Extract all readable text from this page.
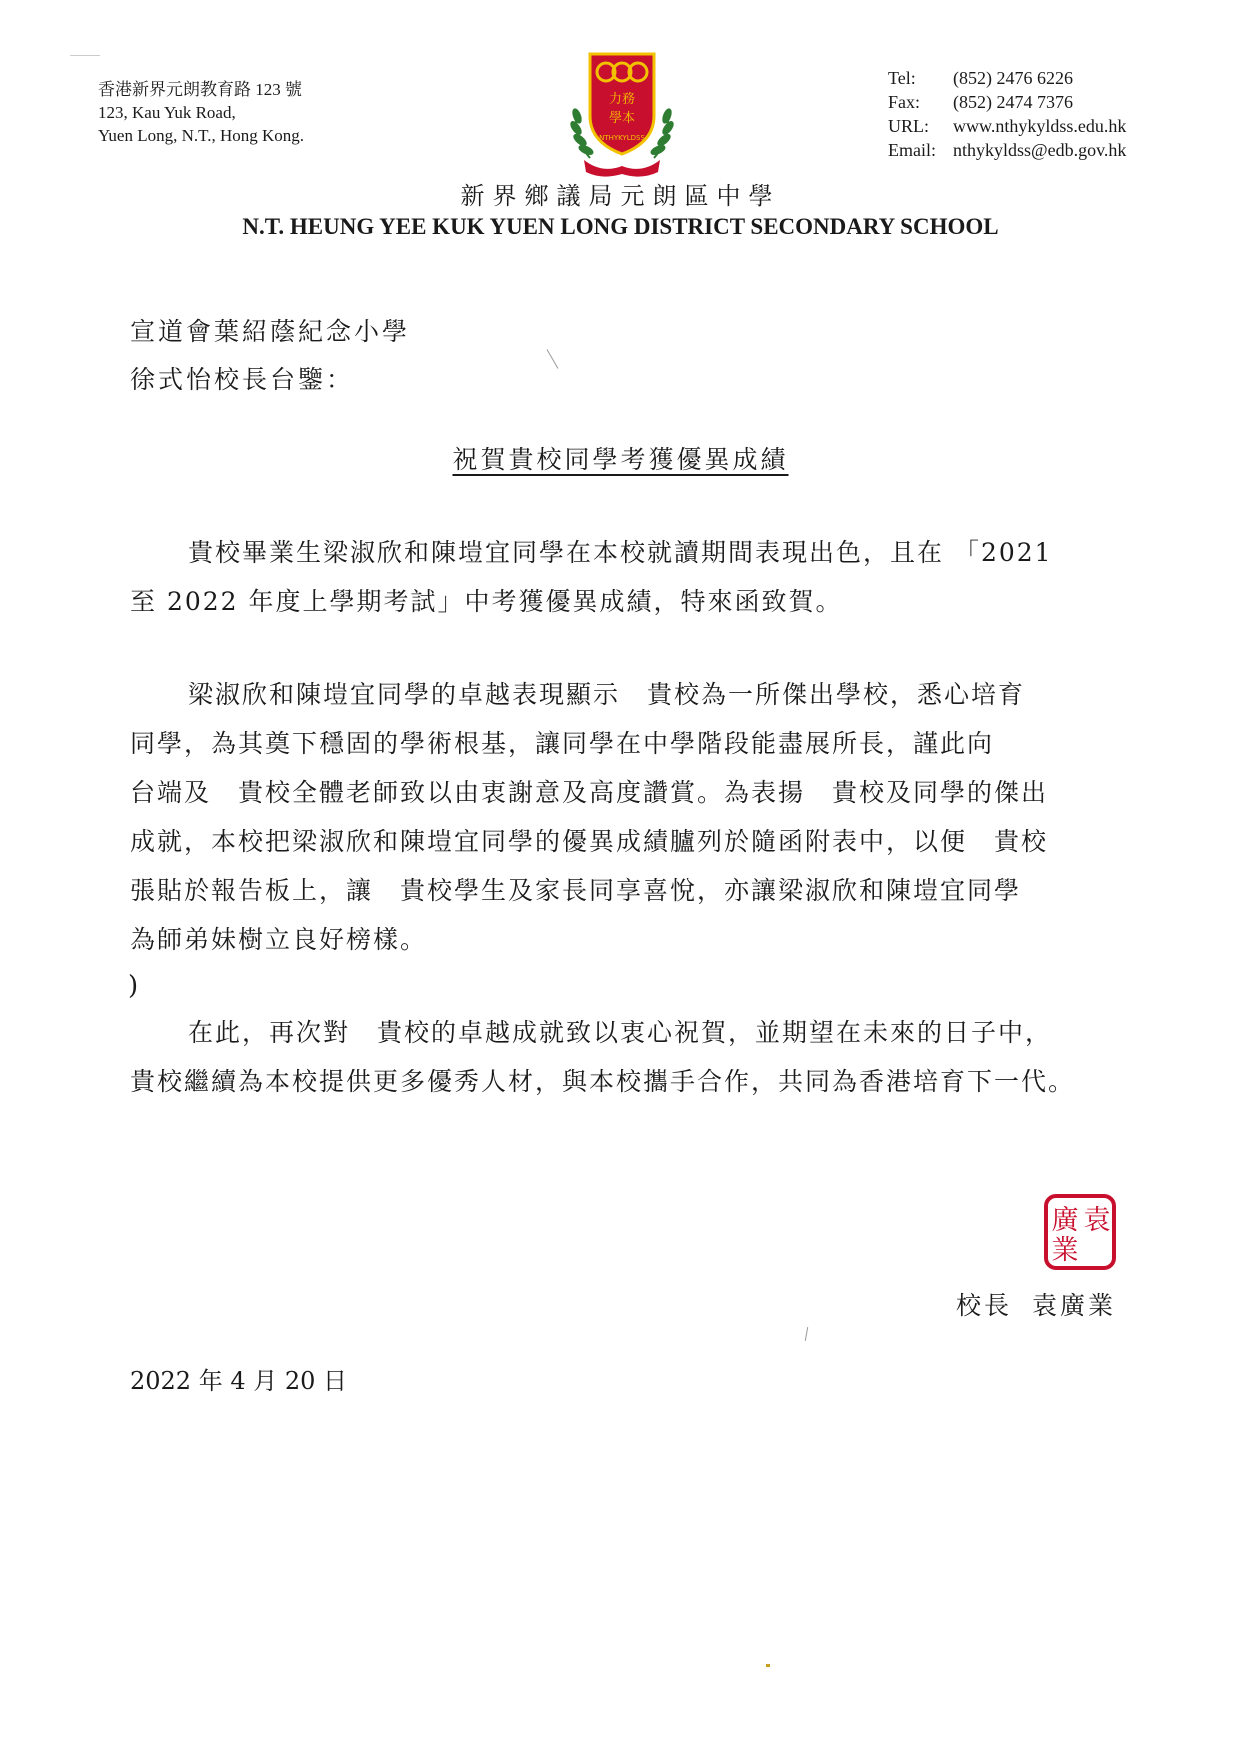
香港新界元朗教育路 123 號
123, Kau Yuk Road,
Yuen Long, N.T., Hong Kong.
力務
學本
NTHYKYLDSS
Tel:	(852) 2476 6226
Fax:	(852) 2474 7376
URL:	www.nthykyldss.edu.hk
Email: nthykyldss@edb.gov.hk
新界鄉議局元朗區中學
N.T. HEUNG YEE KUK YUEN LONG DISTRICT SECONDARY SCHOOL
宣道會葉紹蔭紀念小學
徐式怡校長台鑒：
祝賀貴校同學考獲優異成績
貴校畢業生梁淑欣和陳塏宜同學在本校就讀期間表現出色，且在 「2021
至 2022 年度上學期考試」中考獲優異成績，特來函致賀。
梁淑欣和陳塏宜同學的卓越表現顯示　貴校為一所傑出學校，悉心培育
同學，為其奠下穩固的學術根基，讓同學在中學階段能盡展所長，謹此向
台端及　貴校全體老師致以由衷謝意及高度讚賞。為表揚　貴校及同學的傑出
成就，本校把梁淑欣和陳塏宜同學的優異成績臚列於隨函附表中，以便　貴校
張貼於報告板上，讓　貴校學生及家長同享喜悅，亦讓梁淑欣和陳塏宜同學
為師弟妹樹立良好榜樣。
)
在此，再次對　貴校的卓越成就致以衷心祝賀，並期望在未來的日子中，
貴校繼續為本校提供更多優秀人材，與本校攜手合作，共同為香港培育下一代。
袁
廣
業
校長 袁廣業
2022 年 4 月 20 日
